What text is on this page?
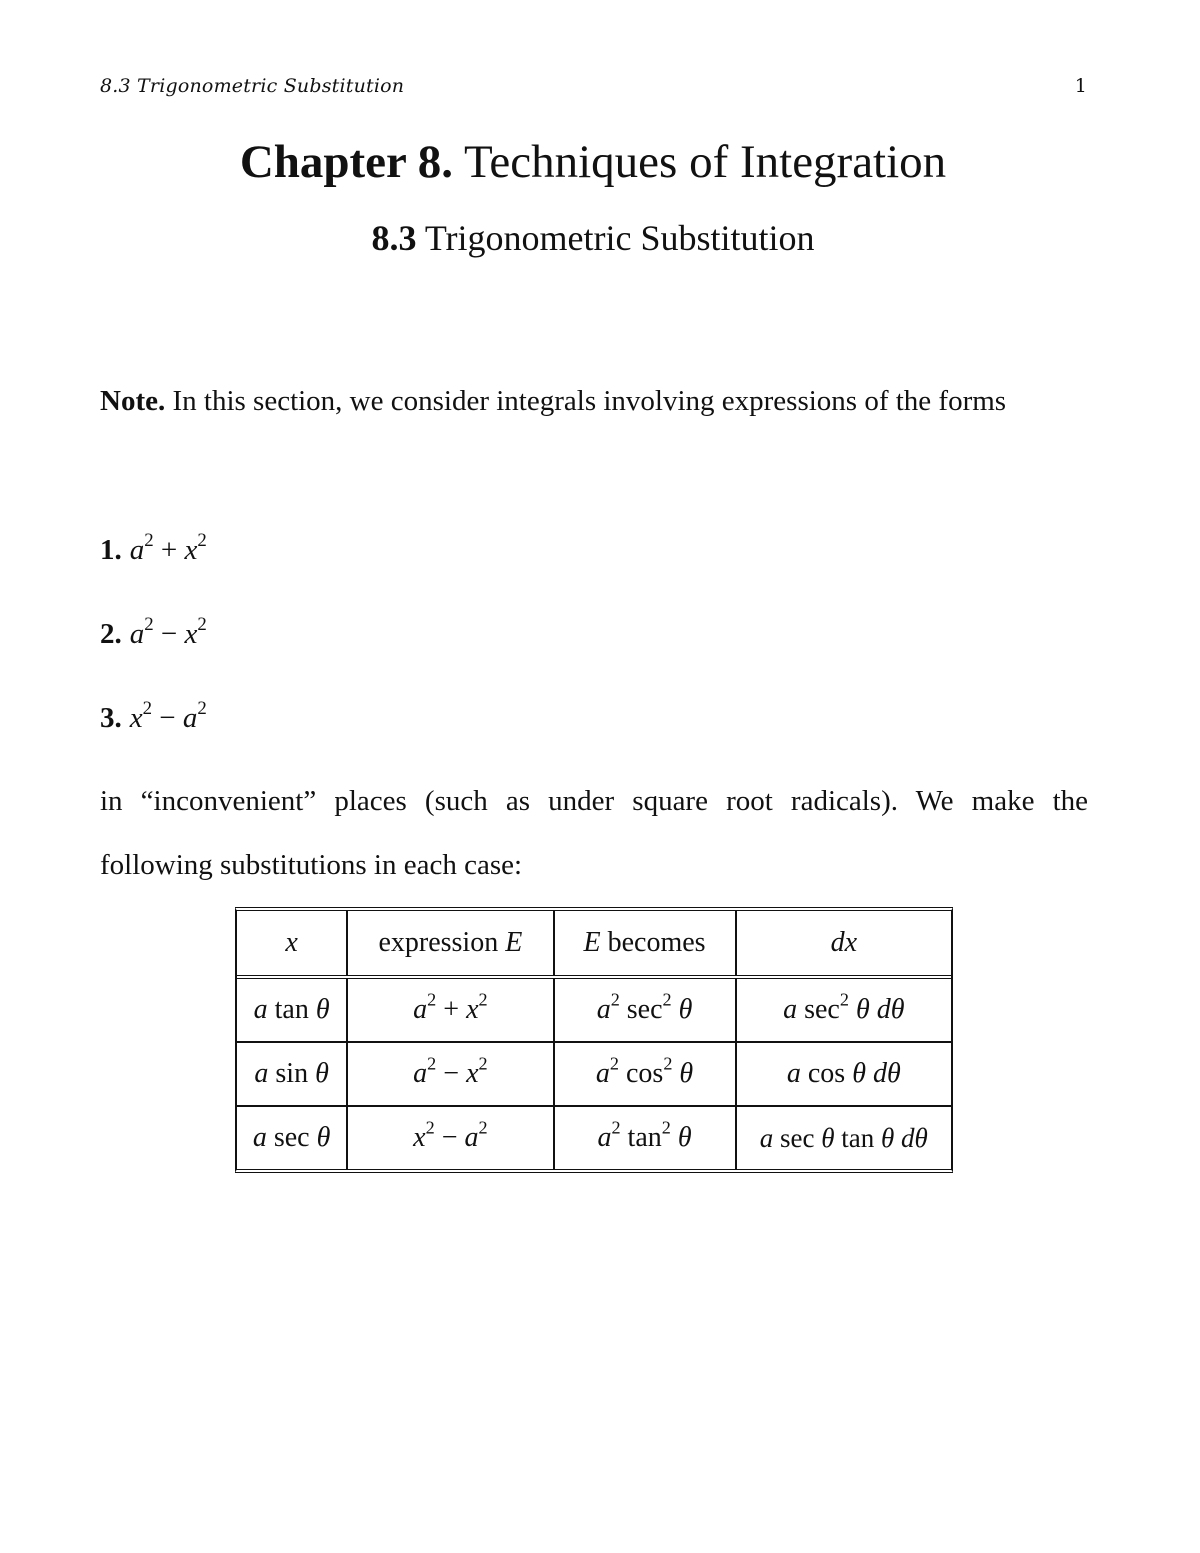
8.3 Trigonometric Substitution	1
Chapter 8. Techniques of Integration
8.3 Trigonometric Substitution
Note. In this section, we consider integrals involving expressions of the forms
1. $a^2 + x^2$
2. $a^2 - x^2$
3. $x^2 - a^2$
in “inconvenient” places (such as under square root radicals). We make the following substitutions in each case:
x	expression E	E becomes	dx
a tan θ	$a^2 + x^2$	$a^2$ $\sec^2 \theta$	a $\sec^2 \theta$ dθ
a sin θ	$a^2 - x^2$	$a^2$ $\cos^2 \theta$	a cos θ dθ
a sec θ	$x^2 - a^2$	$a^2$ $\tan^2 \theta$	a sec θ tan θ dθ
